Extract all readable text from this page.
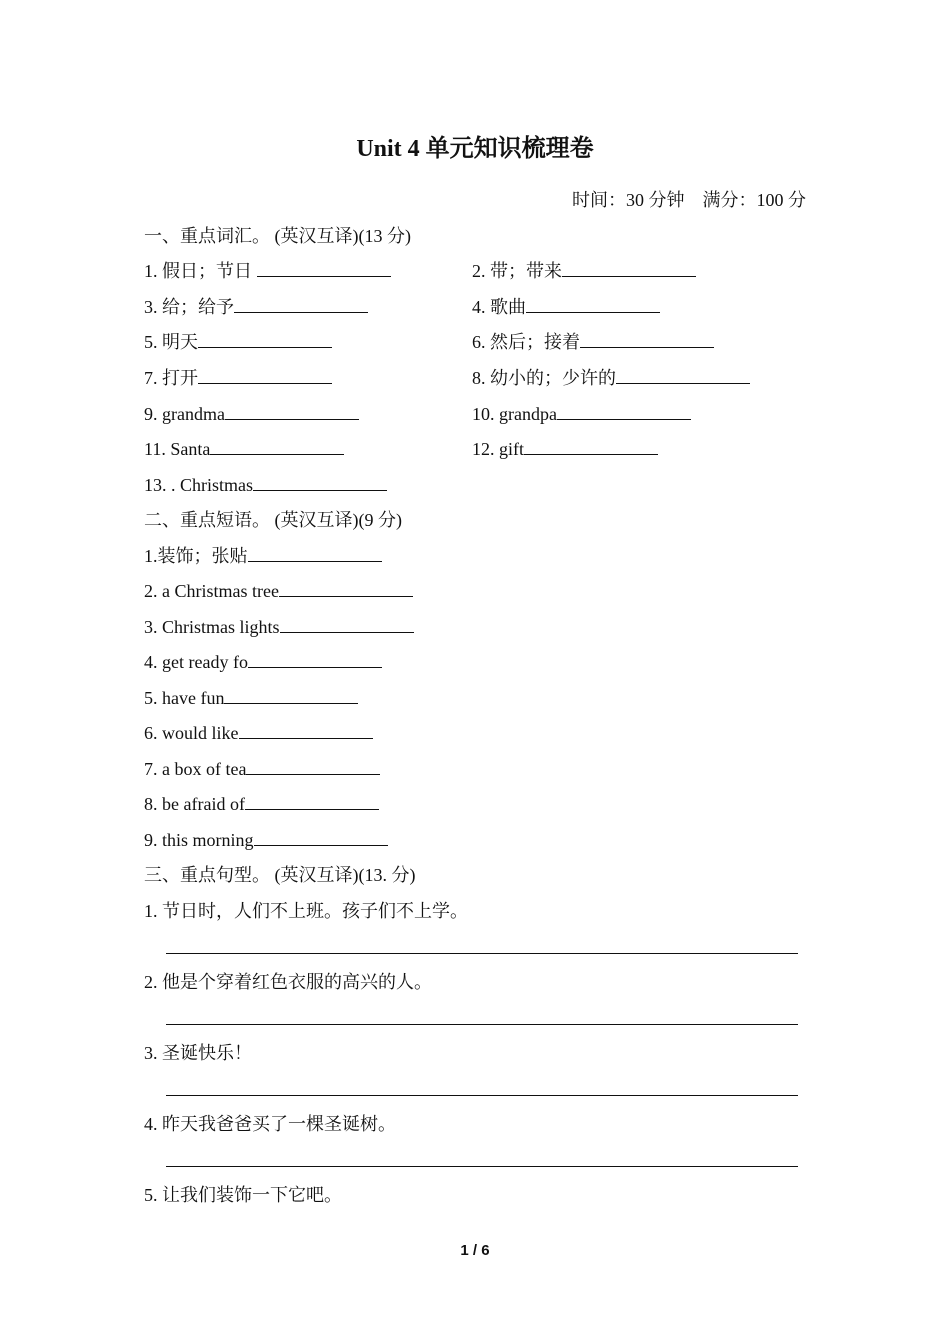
Unit 4 单元知识梳理卷
时间：30 分钟    满分：100 分
一、重点词汇。 (英汉互译)(13 分)
1. 假日；节日	2. 带；带来
3. 给；给予	4. 歌曲
5. 明天	6. 然后；接着
7. 打开	8. 幼小的；少许的
9. grandma	10. grandpa
11. Santa	12. gift
13. . Christmas
二、重点短语。 (英汉互译)(9 分)
1.装饰；张贴
2. a Christmas tree
3. Christmas lights
4. get ready fo
5. have fun
6. would like
7. a box of tea
8. be afraid of
9. this morning
三、重点句型。 (英汉互译)(13. 分)
1. 节日时，人们不上班。孩子们不上学。
2. 他是个穿着红色衣服的高兴的人。
3. 圣诞快乐！
4. 昨天我爸爸买了一棵圣诞树。
5. 让我们装饰一下它吧。
1 / 6
